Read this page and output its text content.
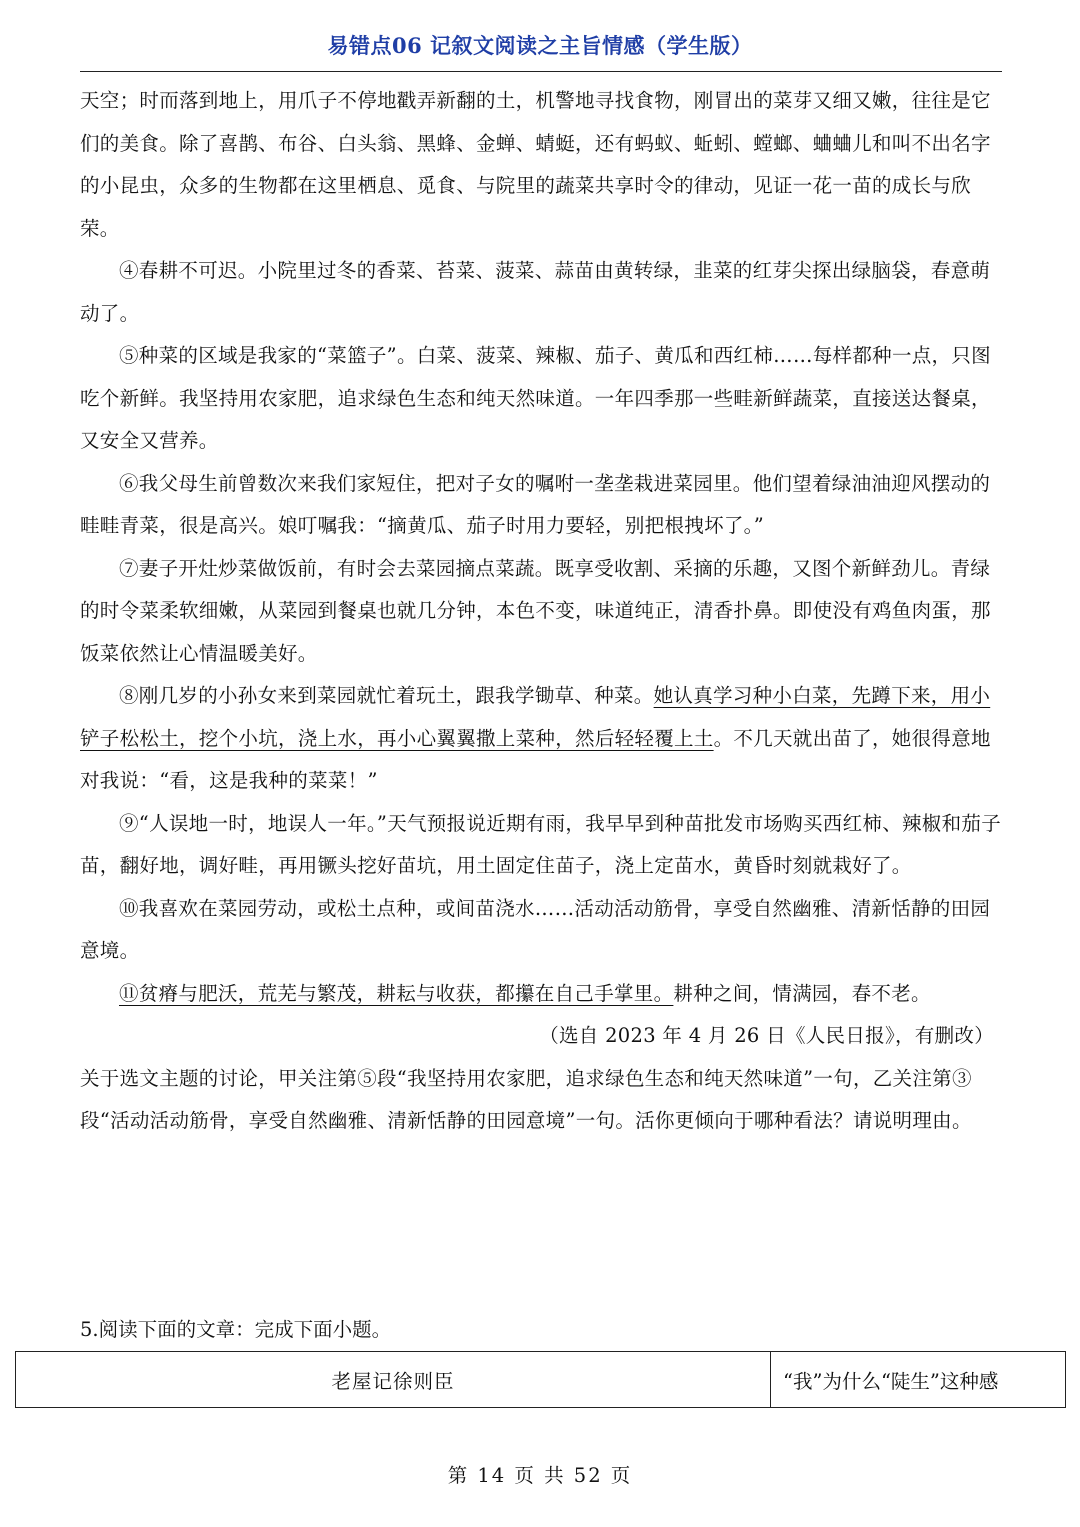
易错点06 记叙文阅读之主旨情感（学生版）

天空；时而落到地上，用爪子不停地戳弄新翻的土，机警地寻找食物，刚冒出的菜芽又细又嫩，往往是它们的美食。除了喜鹊、布谷、白头翁、黑蜂、金蝉、蜻蜓，还有蚂蚁、蚯蚓、螳螂、蛐蛐儿和叫不出名字的小昆虫，众多的生物都在这里栖息、觅食、与院里的蔬菜共享时令的律动，见证一花一苗的成长与欣荣。

④春耕不可迟。小院里过冬的香菜、苔菜、菠菜、蒜苗由黄转绿，韭菜的红芽尖探出绿脑袋，春意萌动了。

⑤种菜的区域是我家的“菜篮子”。白菜、菠菜、辣椒、茄子、黄瓜和西红柿……每样都种一点，只图吃个新鲜。我坚持用农家肥，追求绿色生态和纯天然味道。一年四季那一些畦新鲜蔬菜，直接送达餐桌，又安全又营养。

⑥我父母生前曾数次来我们家短住，把对子女的嘱咐一垄垄栽进菜园里。他们望着绿油油迎风摆动的畦畦青菜，很是高兴。娘叮嘱我：“摘黄瓜、茄子时用力要轻，别把根拽坏了。”

⑦妻子开灶炒菜做饭前，有时会去菜园摘点菜蔬。既享受收割、采摘的乐趣，又图个新鲜劲儿。青绿的时令菜柔软细嫩，从菜园到餐桌也就几分钟，本色不变，味道纯正，清香扑鼻。即使没有鸡鱼肉蛋，那饭菜依然让心情温暖美好。

⑧刚几岁的小孙女来到菜园就忙着玩土，跟我学锄草、种菜。她认真学习种小白菜，先蹲下来，用小铲子松松土，挖个小坑，浇上水，再小心翼翼撒上菜种，然后轻轻覆上土。不几天就出苗了，她很得意地对我说：“看，这是我种的菜菜！”

⑨“人误地一时，地误人一年。”天气预报说近期有雨，我早早到种苗批发市场购买西红柿、辣椒和茄子苗，翻好地，调好畦，再用镢头挖好苗坑，用土固定住苗子，浇上定苗水，黄昏时刻就栽好了。

⑩我喜欢在菜园劳动，或松土点种，或间苗浇水……活动活动筋骨，享受自然幽雅、清新恬静的田园意境。

⑪贫瘠与肥沃，荒芜与繁茂，耕耘与收获，都攥在自己手掌里。耕种之间，情满园，春不老。

（选自 2023 年 4 月 26 日《人民日报》，有删改）

关于选文主题的讨论，甲关注第⑤段“我坚持用农家肥，追求绿色生态和纯天然味道”一句，乙关注第③段“活动活动筋骨，享受自然幽雅、清新恬静的田园意境”一句。活你更倾向于哪种看法？请说明理由。

5.阅读下面的文章：完成下面小题。
老屋记徐则臣	“我”为什么“陡生”这种感
第 14 页 共 52 页
